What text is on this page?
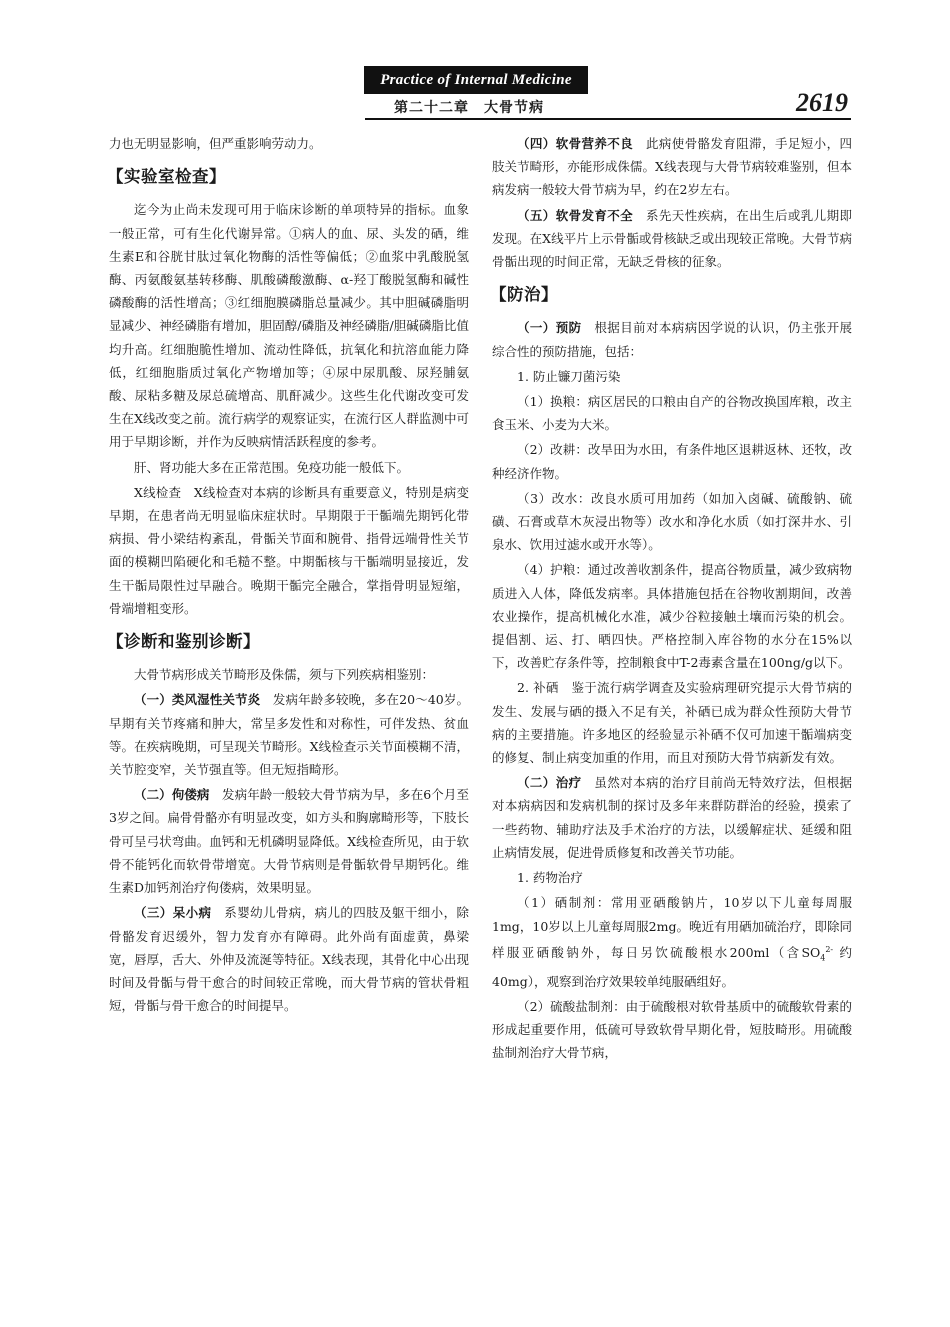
Practice of Internal Medicine
第二十二章　大骨节病	2619

力也无明显影响，但严重影响劳动力。

【实验室检查】

迄今为止尚未发现可用于临床诊断的单项特异的指标。血象一般正常，可有生化代谢异常。①病人的血、尿、头发的硒，维生素E和谷胱甘肽过氧化物酶的活性等偏低；②血浆中乳酸脱氢酶、丙氨酸氨基转移酶、肌酸磷酸激酶、α-羟丁酸脱氢酶和碱性磷酸酶的活性增高；③红细胞膜磷脂总量减少。其中胆碱磷脂明显减少、神经磷脂有增加，胆固醇/磷脂及神经磷脂/胆碱磷脂比值均升高。红细胞脆性增加、流动性降低，抗氧化和抗溶血能力降低，红细胞脂质过氧化产物增加等；④尿中尿肌酸、尿羟脯氨酸、尿粘多糖及尿总硫增高、肌酐减少。这些生化代谢改变可发生在X线改变之前。流行病学的观察证实，在流行区人群监测中可用于早期诊断，并作为反映病情活跃程度的参考。

肝、肾功能大多在正常范围。免疫功能一般低下。

X线检查　 X线检查对本病的诊断具有重要意义，特别是病变早期，在患者尚无明显临床症状时。早期限于干骺端先期钙化带病损、骨小梁结构紊乱，骨骺关节面和腕骨、指骨远端骨性关节面的模糊凹陷硬化和毛糙不整。中期骺核与干骺端明显接近，发生干骺局限性过早融合。晚期干骺完全融合，掌指骨明显短缩，骨端增粗变形。

【诊断和鉴别诊断】

大骨节病形成关节畸形及侏儒，须与下列疾病相鉴别：

（一）类风湿性关节炎　 发病年龄多较晚，多在20～40岁。早期有关节疼痛和肿大，常呈多发性和对称性，可伴发热、贫血等。在疾病晚期，可呈现关节畸形。X线检查示关节面模糊不清，关节腔变窄，关节强直等。但无短指畸形。

（二）佝偻病　 发病年龄一般较大骨节病为早，多在6个月至3岁之间。扁骨骨骼亦有明显改变，如方头和胸廓畸形等，下肢长骨可呈弓状弯曲。血钙和无机磷明显降低。X线检查所见，由于软骨不能钙化而软骨带增宽。大骨节病则是骨骺软骨早期钙化。维生素D加钙剂治疗佝偻病，效果明显。

（三）呆小病　 系婴幼儿骨病，病儿的四肢及躯干细小，除骨骼发育迟缓外，智力发育亦有障碍。此外尚有面虚黄，鼻梁宽，唇厚，舌大、外伸及流涎等特征。X线表现，其骨化中心出现时间及骨骺与骨干愈合的时间较正常晚，而大骨节病的管状骨粗短，骨骺与骨干愈合的时间提早。

（四）软骨营养不良　 此病使骨骼发育阻滞，手足短小，四肢关节畸形，亦能形成侏儒。X线表现与大骨节病较难鉴别，但本病发病一般较大骨节病为早，约在2岁左右。

（五）软骨发育不全　 系先天性疾病，在出生后或乳儿期即发现。在X线平片上示骨骺或骨核缺乏或出现较正常晚。大骨节病骨骺出现的时间正常，无缺乏骨核的征象。

【防治】

（一）预防　 根据目前对本病病因学说的认识，仍主张开展综合性的预防措施，包括：

1. 防止镰刀菌污染

（1）换粮：病区居民的口粮由自产的谷物改换国库粮，改主食玉米、小麦为大米。

（2）改耕：改旱田为水田，有条件地区退耕返林、还牧，改种经济作物。

（3）改水：改良水质可用加药（如加入卤碱、硫酸钠、硫磺、石膏或草木灰浸出物等）改水和净化水质（如打深井水、引泉水、饮用过滤水或开水等）。

（4）护粮：通过改善收割条件，提高谷物质量，减少致病物质进入人体，降低发病率。具体措施包括在谷物收割期间，改善农业操作，提高机械化水准，减少谷粒接触土壤而污染的机会。提倡割、运、打、晒四快。严格控制入库谷物的水分在15%以下，改善贮存条件等，控制粮食中T-2毒素含量在100ng/g以下。

2. 补硒　鉴于流行病学调查及实验病理研究提示大骨节病的发生、发展与硒的摄入不足有关，补硒已成为群众性预防大骨节病的主要措施。许多地区的经验显示补硒不仅可加速干骺端病变的修复、制止病变加重的作用，而且对预防大骨节病新发有效。

（二）治疗　 虽然对本病的治疗目前尚无特效疗法，但根据对本病病因和发病机制的探讨及多年来群防群治的经验，摸索了一些药物、辅助疗法及手术治疗的方法，以缓解症状、延缓和阻止病情发展，促进骨质修复和改善关节功能。

1. 药物治疗

（1）硒制剂：常用亚硒酸钠片，10岁以下儿童每周服1mg，10岁以上儿童每周服2mg。晚近有用硒加硫治疗，即除同样服亚硒酸钠外，每日另饮硫酸根水200ml（含$SO_4^{2-}$ 约40mg），观察到治疗效果较单纯服硒组好。

（2）硫酸盐制剂：由于硫酸根对软骨基质中的硫酸软骨素的形成起重要作用，低硫可导致软骨早期化骨，短肢畸形。用硫酸盐制剂治疗大骨节病，
